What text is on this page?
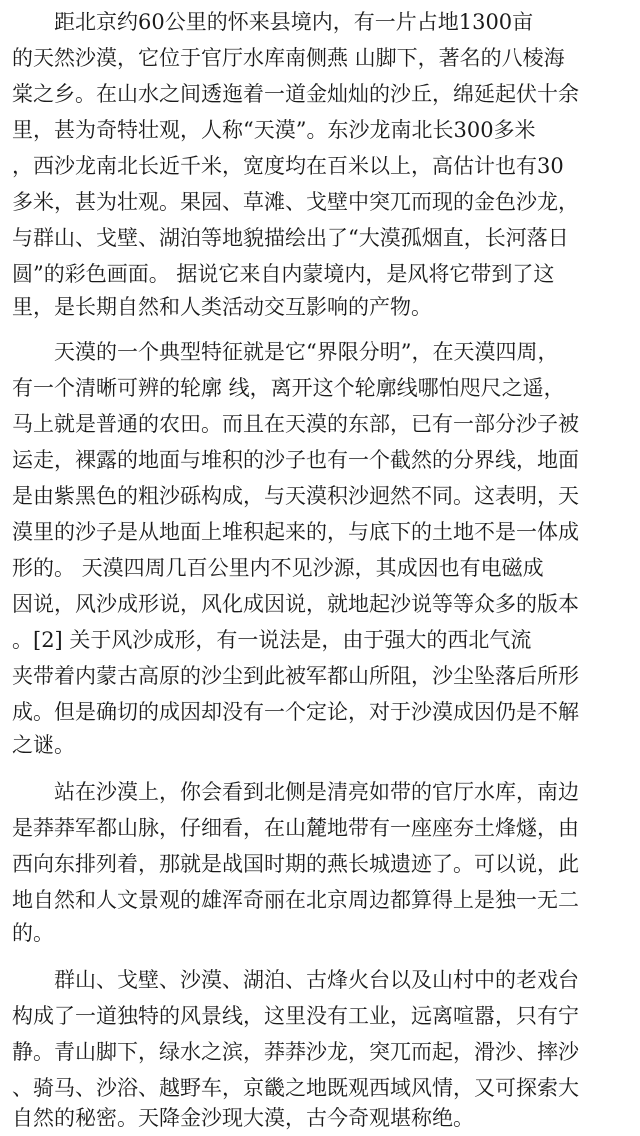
距北京约60公里的怀来县境内，有一片占地1300亩
的天然沙漠，它位于官厅水库南侧燕 山脚下，著名的八棱海
棠之乡。在山水之间透迤着一道金灿灿的沙丘，绵延起伏十余
里，甚为奇特壮观，人称“天漠”。东沙龙南北长300多米
，西沙龙南北长近千米，宽度均在百米以上，高估计也有30
多米，甚为壮观。果园、草滩、戈壁中突兀而现的金色沙龙，
与群山、戈壁、湖泊等地貌描绘出了“大漠孤烟直，长河落日
圆”的彩色画面。 据说它来自内蒙境内，是风将它带到了这
里，是长期自然和人类活动交互影响的产物。
天漠的一个典型特征就是它“界限分明”，在天漠四周，
有一个清晰可辨的轮廓 线，离开这个轮廓线哪怕咫尺之遥，
马上就是普通的农田。而且在天漠的东部，已有一部分沙子被
运走，裸露的地面与堆积的沙子也有一个截然的分界线，地面
是由紫黑色的粗沙砾构成，与天漠积沙迥然不同。这表明，天
漠里的沙子是从地面上堆积起来的，与底下的土地不是一体成
形的。 天漠四周几百公里内不见沙源，其成因也有电磁成
因说，风沙成形说，风化成因说，就地起沙说等等众多的版本
。[2] 关于风沙成形，有一说法是，由于强大的西北气流
夹带着内蒙古高原的沙尘到此被军都山所阻，沙尘坠落后所形
成。但是确切的成因却没有一个定论，对于沙漠成因仍是不解
之谜。
站在沙漠上，你会看到北侧是清亮如带的官厅水库，南边
是莽莽军都山脉，仔细看，在山麓地带有一座座夯土烽燧，由
西向东排列着，那就是战国时期的燕长城遗迹了。可以说，此
地自然和人文景观的雄浑奇丽在北京周边都算得上是独一无二
的。
群山、戈壁、沙漠、湖泊、古烽火台以及山村中的老戏台
构成了一道独特的风景线，这里没有工业，远离喧嚣，只有宁
静。青山脚下，绿水之滨，莽莽沙龙，突兀而起，滑沙、摔沙
、骑马、沙浴、越野车，京畿之地既观西域风情，又可探索大
自然的秘密。天降金沙现大漠，古今奇观堪称绝。
